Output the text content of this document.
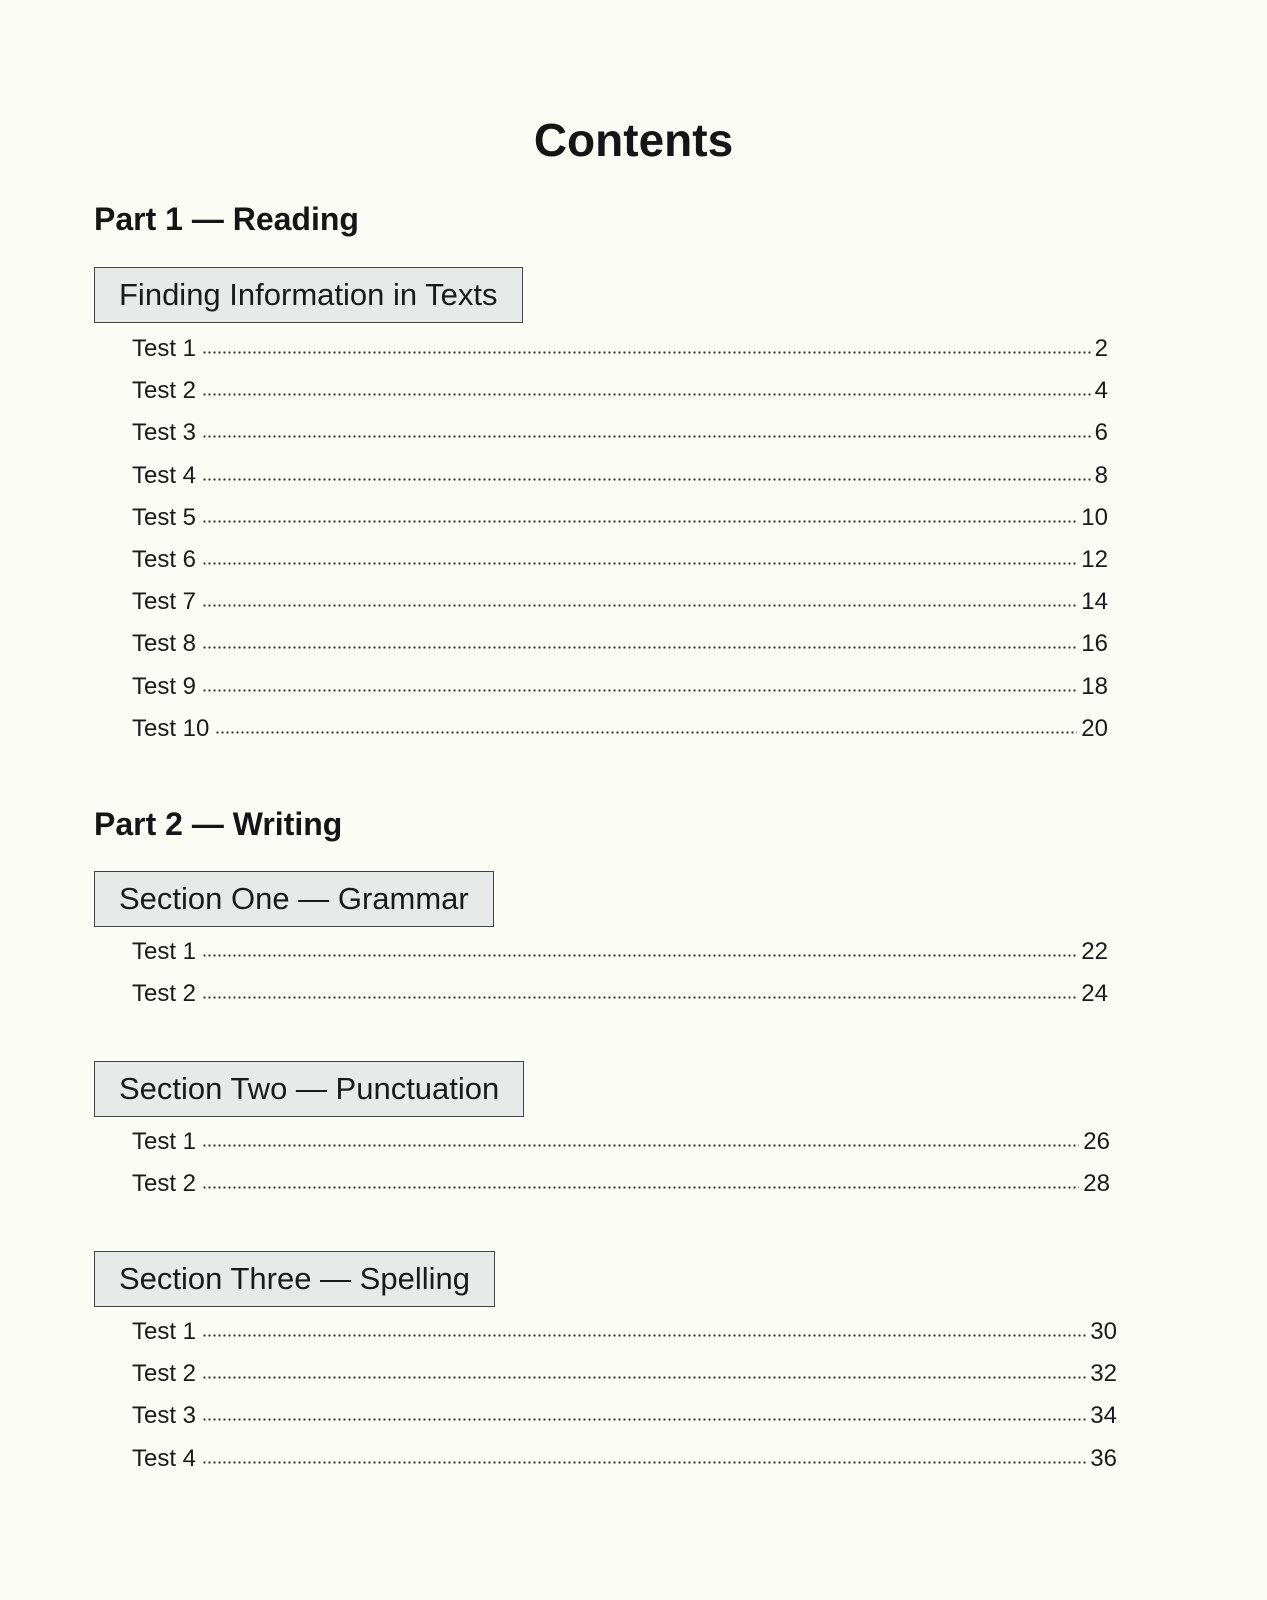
Contents
Part 1 — Reading
Finding Information in Texts
Test 1	2
Test 2	4
Test 3	6
Test 4	8
Test 5	10
Test 6	12
Test 7	14
Test 8	16
Test 9	18
Test 10	20
Part 2 — Writing
Section One — Grammar
Test 1	22
Test 2	24
Section Two — Punctuation
Test 1	26
Test 2	28
Section Three — Spelling
Test 1	30
Test 2	32
Test 3	34
Test 4	36
